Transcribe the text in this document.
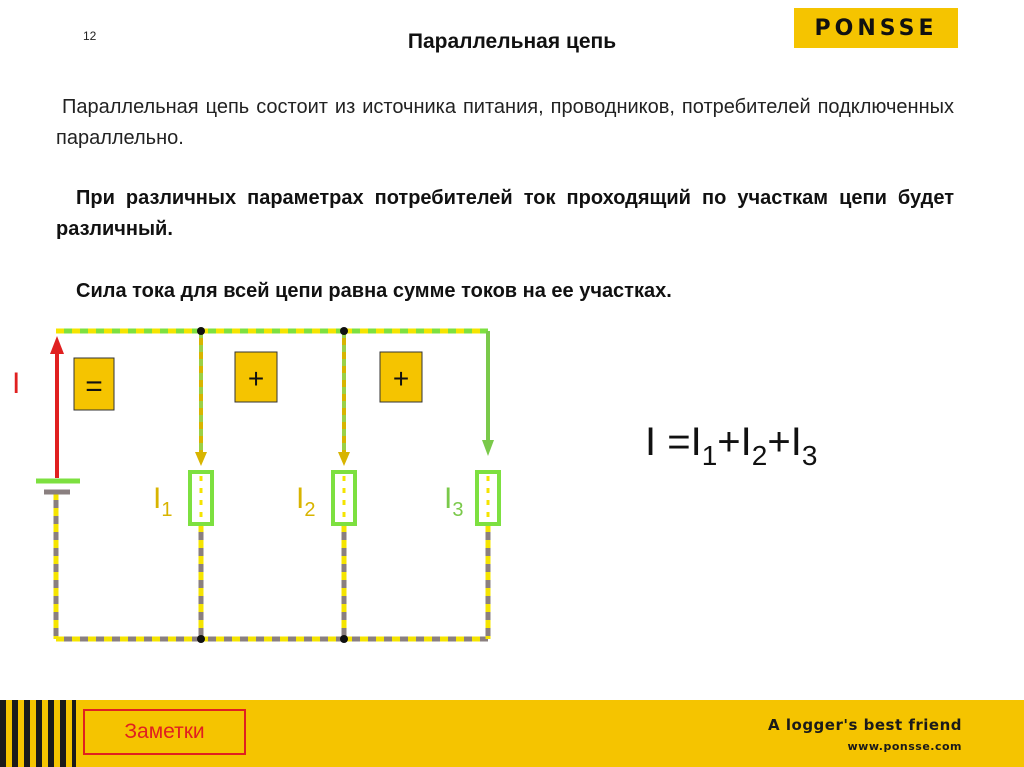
12	Параллельная цепь
PONSSE
Параллельная цепь состоит из источника питания, проводников, потребителей подключенных параллельно.
При различных параметрах потребителей ток проходящий по участкам цепи будет различный.
Сила тока для всей цепи равна сумме токов на ее участках.
I =	+	+
$I_1$	$I_2$	$I_3$
$I =I_1+I_2+I_3$
Заметки	A logger's best friend
www.ponsse.com
